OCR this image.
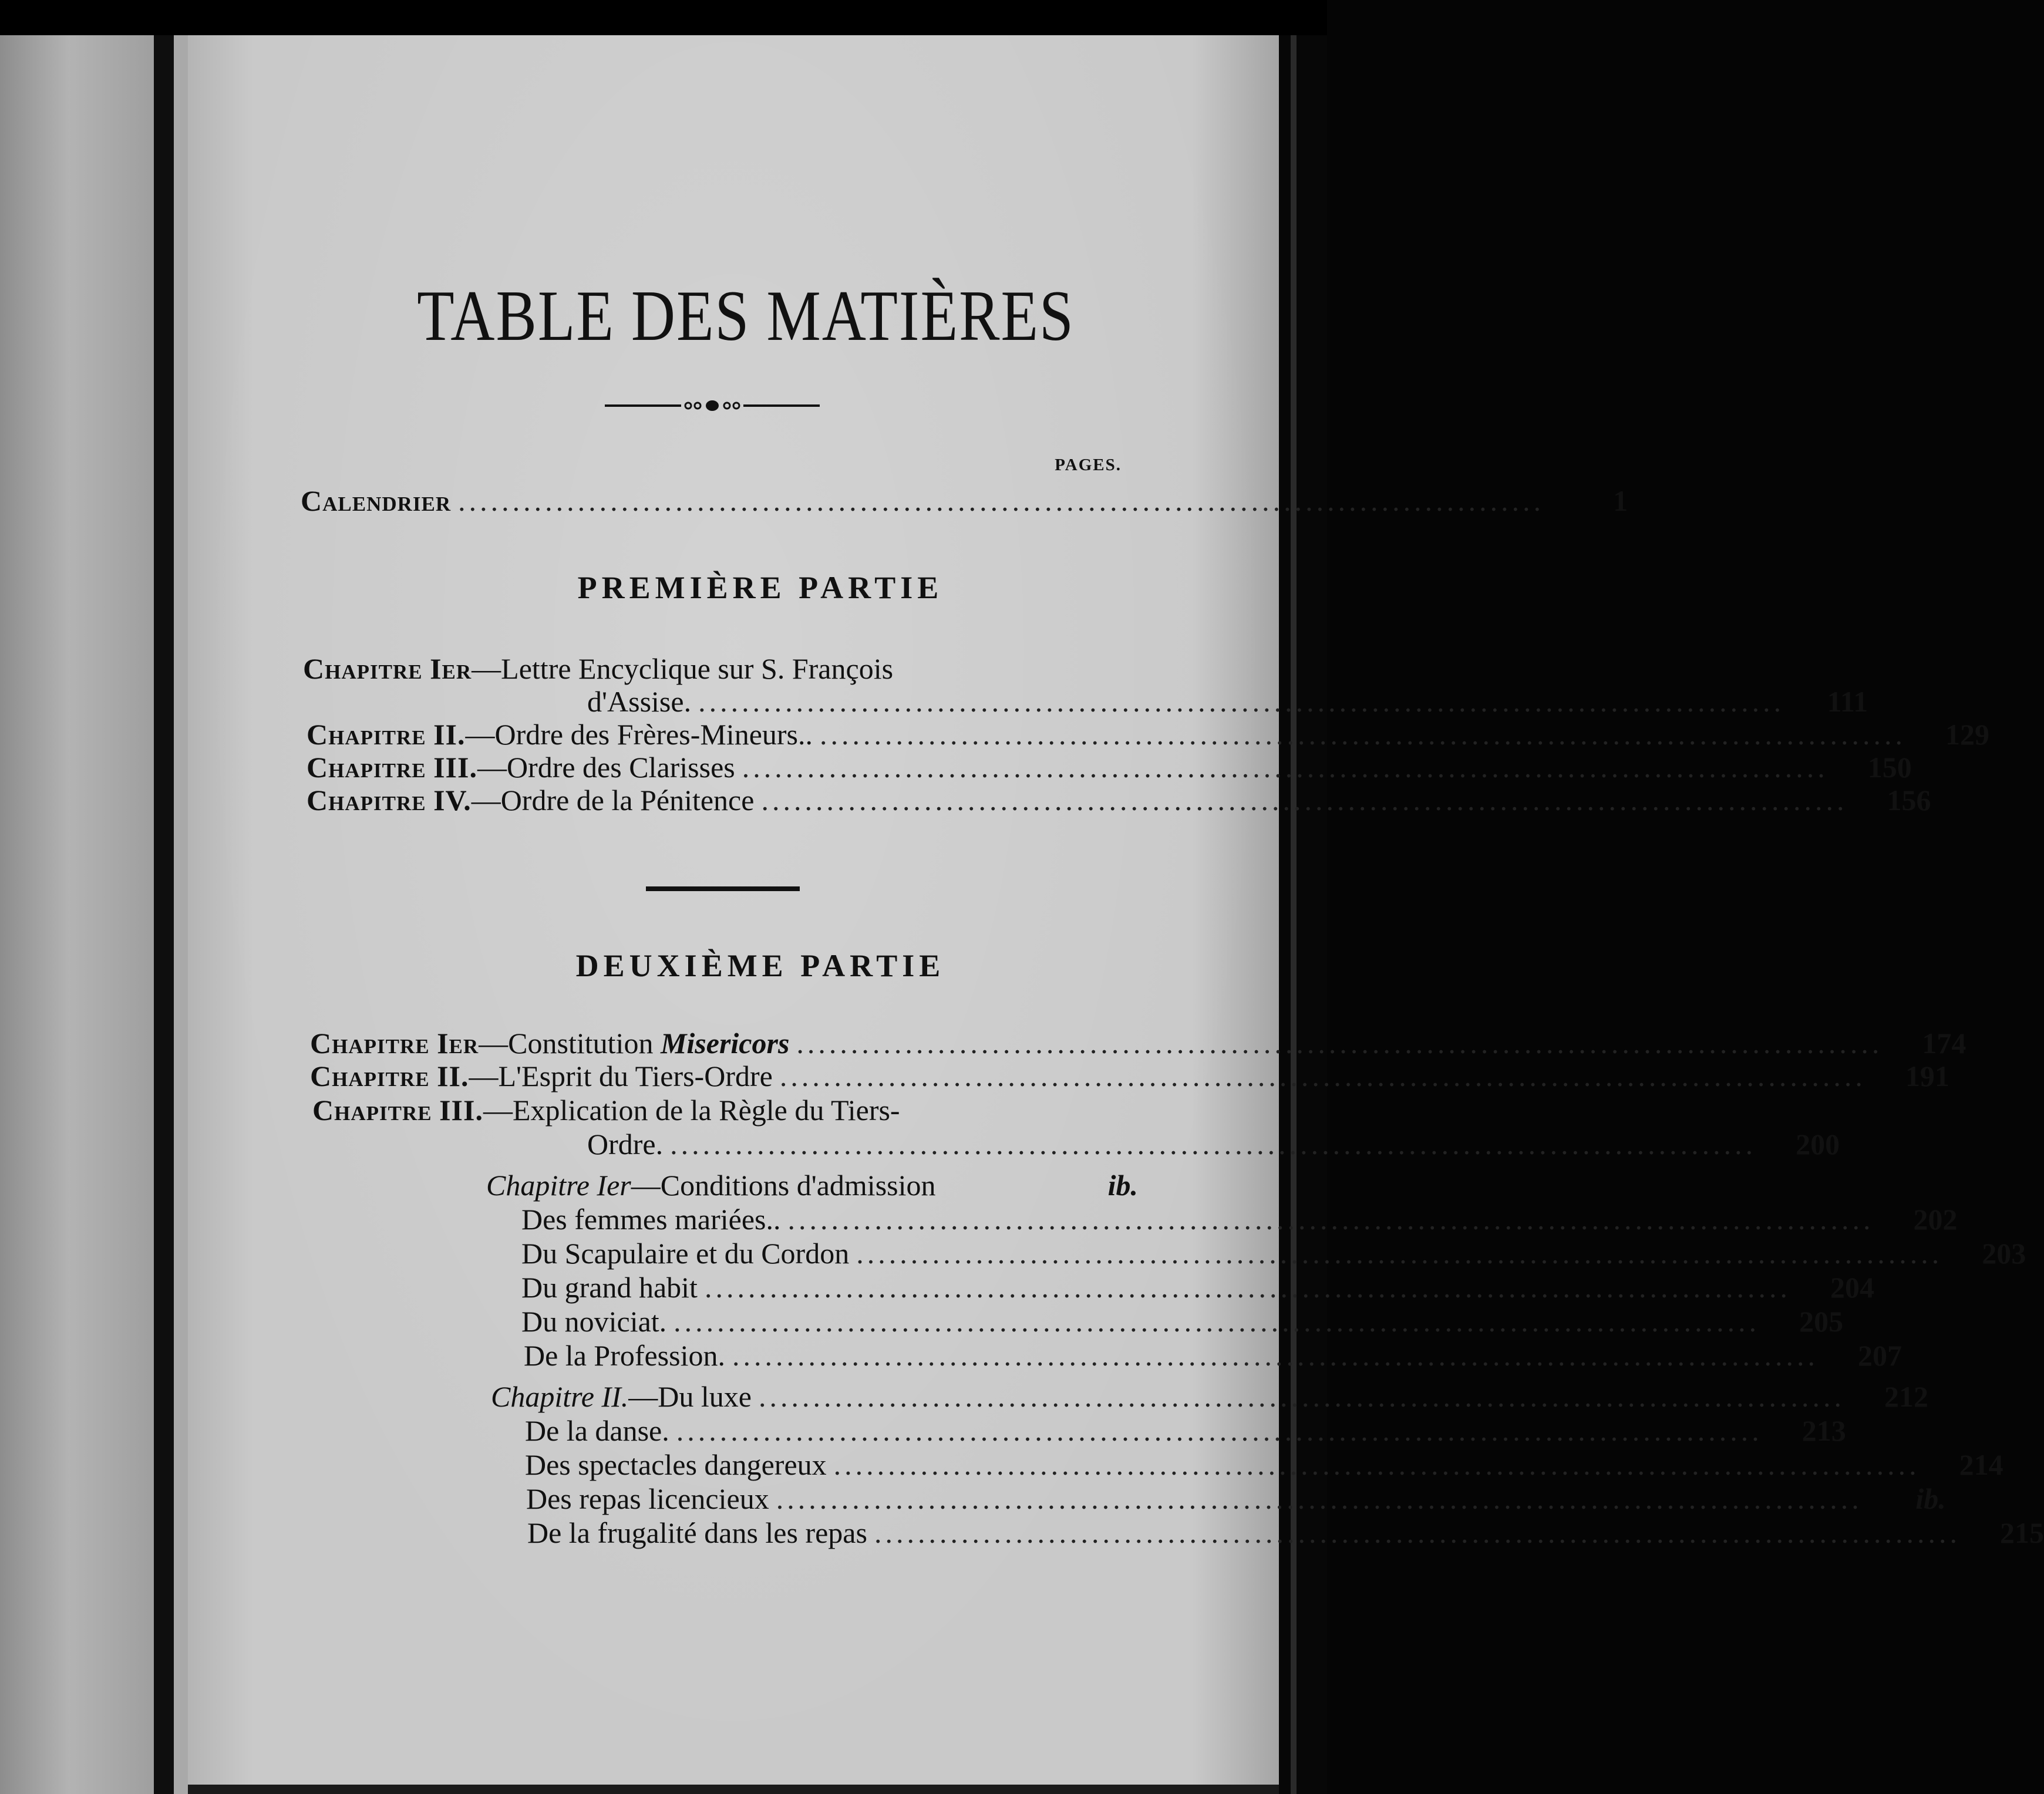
TABLE DES MATIÈRES
PAGES.
Calendrier ....................................................................................................	1
PREMIÈRE PARTIE
Chapitre Ier—Lettre Encyclique sur S. François
d'Assise. ....................................................................................................	111
Chapitre II.—Ordre des Frères-Mineurs.. ....................................................................................................	129
Chapitre III.—Ordre des Clarisses ....................................................................................................	150
Chapitre IV.—Ordre de la Pénitence ....................................................................................................	156
DEUXIÈME PARTIE
Chapitre Ier—Constitution Misericors ....................................................................................................	174
Chapitre II.—L'Esprit du Tiers-Ordre ....................................................................................................	191
Chapitre III.—Explication de la Règle du Tiers-
Ordre. ....................................................................................................	200
Chapitre Ier—Conditions d'admission	ib.
Des femmes mariées.. ....................................................................................................	202
Du Scapulaire et du Cordon ....................................................................................................	203
Du grand habit ....................................................................................................	204
Du noviciat. ....................................................................................................	205
De la Profession. ....................................................................................................	207
Chapitre II.—Du luxe ....................................................................................................	212
De la danse. ....................................................................................................	213
Des spectacles dangereux ....................................................................................................	214
Des repas licencieux ....................................................................................................	ib.
De la frugalité dans les repas ....................................................................................................	215
